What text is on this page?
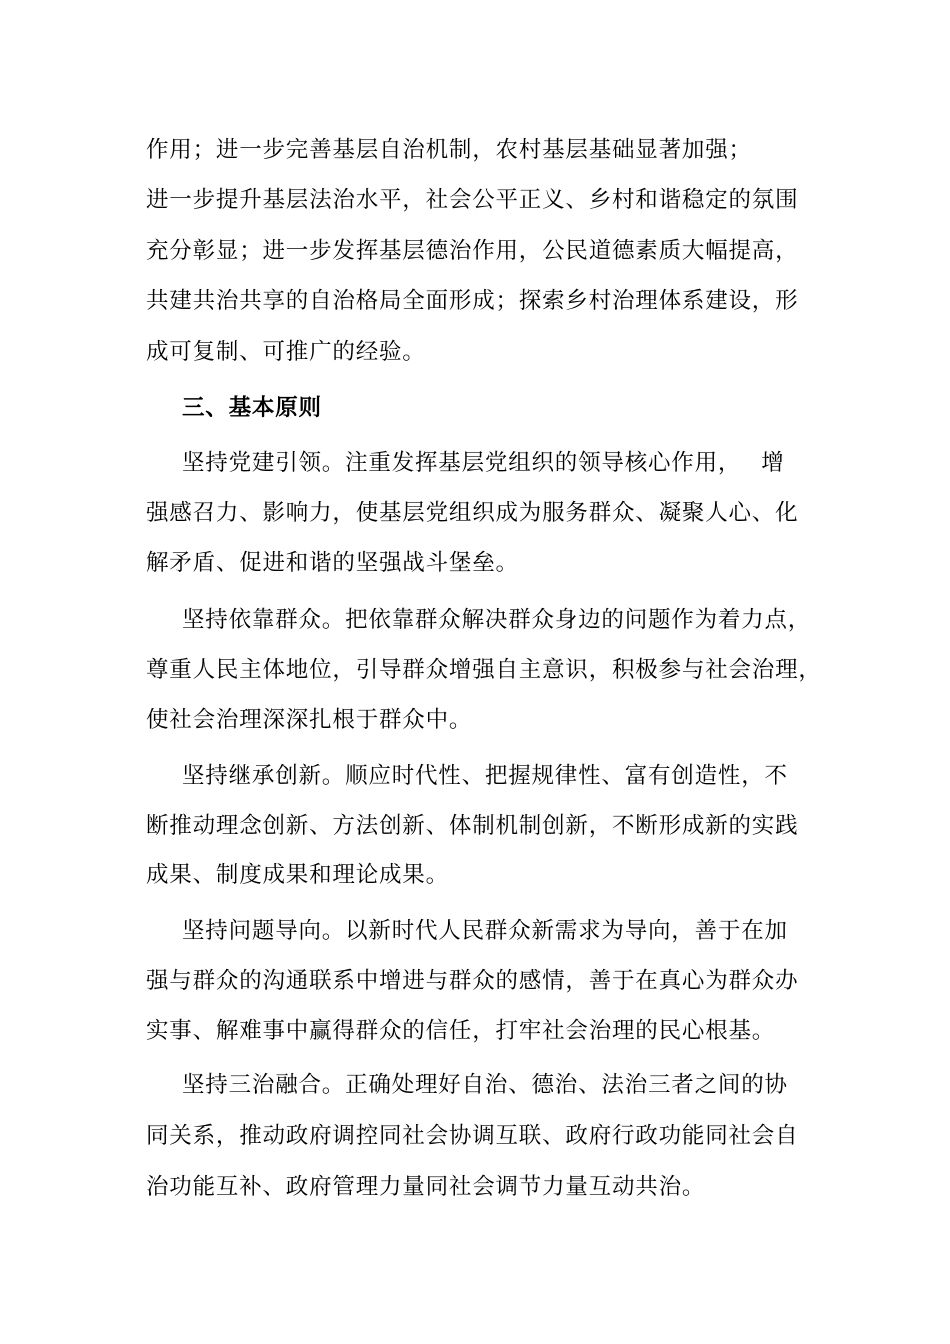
作用；进一步完善基层自治机制，农村基层基础显著加强；
进一步提升基层法治水平，社会公平正义、乡村和谐稳定的氛围
充分彰显；进一步发挥基层德治作用，公民道德素质大幅提高，
共建共治共享的自治格局全面形成；探索乡村治理体系建设，形
成可复制、可推广的经验。
三、基本原则
坚持党建引领。注重发挥基层党组织的领导核心作用，　 增
强感召力、影响力，使基层党组织成为服务群众、凝聚人心、化
解矛盾、促进和谐的坚强战斗堡垒。
坚持依靠群众。把依靠群众解决群众身边的问题作为着力点，
尊重人民主体地位，引导群众增强自主意识，积极参与社会治理，
使社会治理深深扎根于群众中。
坚持继承创新。顺应时代性、把握规律性、富有创造性，不
断推动理念创新、方法创新、体制机制创新，不断形成新的实践
成果、制度成果和理论成果。
坚持问题导向。以新时代人民群众新需求为导向，善于在加
强与群众的沟通联系中增进与群众的感情，善于在真心为群众办
实事、解难事中赢得群众的信任，打牢社会治理的民心根基。
坚持三治融合。正确处理好自治、德治、法治三者之间的协
同关系，推动政府调控同社会协调互联、政府行政功能同社会自
治功能互补、政府管理力量同社会调节力量互动共治。
